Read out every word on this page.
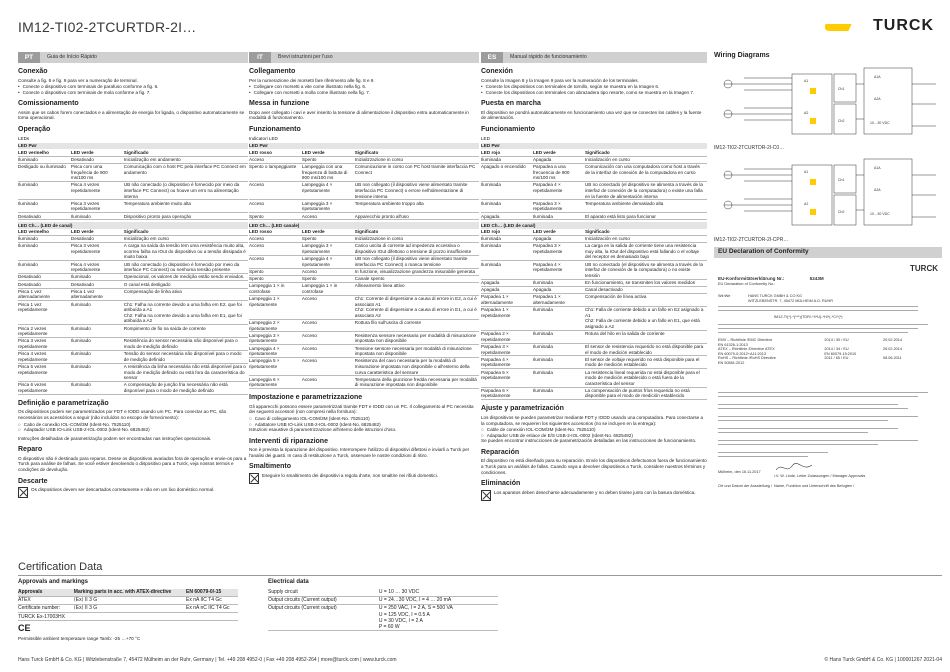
IM12-TI02-2TCURTDR-2I…	TURCK
PT	Guia de Início Rápido
Conexão

Consulte a fig. 8 e fig. 9 para ver a numeração de terminal.

• Conecte o dispositivo com terminais de parafuso conforme a fig. 6.
• Conecte o dispositivo com terminais de mola conforme a fig. 7.
Comissionamento

Assim que os cabos forem conectados e a alimentação de energia for ligada, o dispositivo automaticamente se torna operacional.

Operação

LEDs

LED Pwr		
LED vermelho	LED verde	Significado
Iluminado	Desativado	Inicialização em andamento
Desligado ou iluminado	Pisca com uma frequência de 900 ms/100 ms	Comunicação com o host PC pela interface PC Connect em andamento
Iluminado	Pisca 4 vezes repetidamente	UB não conectado (o dispositivo é fornecido por meio da interface PC Connect) ou houve um erro na alimentação interna
Iluminado	Pisca 3 vezes repetidamente	Temperatura ambiente muito alta
Desativado	Iluminado	Dispositivo pronto para operação
LED Ch… (LED de canal)		
LED vermelho	LED verde	Significado
Iluminado	Desativado	Inicialização em curso
Iluminado	Pisca 3 vezes repetidamente	A carga na saída da tensão tem uma resistência muito alta, ocorreu falha na IOut do dispositivo ou a tensão dissipada é muito baixa
Iluminado	Pisca 4 vezes repetidamente	UB não conectado (o dispositivo é fornecido por meio da interface PC Connect) ou nenhuma tensão presente
Desativado	Iluminado	Operacional, os valores de medição estão sendo enviados.
Desativado	Desativado	O canal está desligado
Pisca 1 vez alternadamente	Pisca 1 vez alternadamente	Compensação de linha ativa
Pisca 1 vez repetidamente	Iluminado	Ch1: Falha na corrente devido a uma falha em E2, que foi atribuída a A1
Ch2: Falha na corrente devido a uma falha em E1, que foi atribuída a A2
Pisca 2 vezes repetidamente	Iluminado	Rompimento de fio na saída de corrente
Pisca 3 vezes repetidamente	Iluminado	Resistência do sensor necessária não disponível para o modo de medição definido
Pisca 4 vezes repetidamente	Iluminado	Tensão do sensor necessária não disponível para o modo de medição definido
Pisca 5 vezes repetidamente	Iluminado	A resistência da linha necessária não está disponível para o modo de medição definido ou está fora da característica do sensor
Pisca 6 vezes repetidamente	Iluminado	A compensação de junção fria necessária não está disponível para o modo de medição definido
Definição e parametrização

Os dispositivos podem ser parametrizados por FDT e IODD usando um PC. Para conectar ao PC, são necessários os acessórios a seguir (não incluídos no escopo de fornecimento):

○ Cabo de conexão IOL-COM/3M (Ident-No. 7525110)
○ Adaptador USB IO-Link USB-2-IOL-0002 (Ident-No. 6825482)

Instruções detalhadas de parametrização podem ser encontradas nas instruções operacionais.

Reparo

O dispositivo não é destinado para reparos. Desse os dispositivos avariados fora de operação e envie-os para a Turck para análise de falhas. Se você estiver devolvendo o dispositivo para a Turck, veja nossos termos e condições de devolução.

Descarte

Os dispositivos devem ser descartados corretamente e não em um lixo doméstico normal.

IT	Brevi istruzioni per l'uso
Collegamento

Per la numerazione dei morsetti fare riferimento alle fig. 8 e 9.

• Collegare con morsetti a vite come illustrato nella fig. 6.
• Collegare con morsetti a molla come illustrato nella fig. 7.
Messa in funzione

Dopo aver collegato i cavi e aver inserito la tensione di alimentazione il dispositivo entra automaticamente in modalità di funzionamento.

Funzionamento

Indicatori LED

LED Pwr		
LED rosso	LED verde	Significato
Acceso	Spento	Inizializzazione in corso
Spento o lampeggiante	Lampeggia con una frequenza di battuta di 900 ms/100 ms	Comunicazione in corso con PC host tramite interfaccia PC Connect
Acceso	Lampeggia 4 × ripetutamente	UB non collegato (il dispositivo viene alimentato tramite interfaccia PC Connect) o errore nell'alimentazione di tensione interna
Acceso	Lampeggia 3 × ripetutamente	Temperatura ambiente troppo alta
Spento	Acceso	Apparecchio pronto all'uso
LED Ch… (LED canale)		
LED rosso	LED verde	Significato
Acceso	Spento	Inizializzazione in corso
Acceso	Lampeggia 3 × ripetutamente	Carico uscita di corrente ad impedenza eccessiva o dispositivo IOut difettoso o tensione di pozzo insufficiente
Acceso	Lampeggia 4 × ripetutamente	UB non collegato (il dispositivo viene alimentato tramite interfaccia PC Connect) o manca tensione
Spento	Acceso	In funzione, visualizzazione grandezza misurabile generata
Spento	Spento	Canale spento
Lampeggia 1 × in controfase	Lampeggia 1 × in controfase	Allineamento linea attivo
Lampeggia 1 × ripetutamente	Acceso	Ch1: Corrente di dispersione a causa di errore in E2, a cui è associato A1
Ch2: Corrente di dispersione a causa di errore in E1, a cui è associato A2
Lampeggia 2 × ripetutamente	Acceso	Rottura filo sull'uscita di corrente
Lampeggia 3 × ripetutamente	Acceso	Resistenza sensore necessaria per modalità di misurazione impostata non disponibile
Lampeggia 4 × ripetutamente	Acceso	Tensione sensore necessaria per modalità di misurazione impostata non disponibile
Lampeggia 5 × ripetutamente	Acceso	Resistenza del cavo necessaria per la modalità di misurazione impostata non disponibile o all'esterno della curva caratteristica del sensore
Lampeggia 6 × ripetutamente	Acceso	Temperatura della giunzione fredda necessaria per modalità di misurazione impostata non disponibile
Impostazione e parametrizzazione

Gli apparecchi possono essere parametrizzati tramite FDT e IODD con un PC. Il collegamento al PC necessita dei seguenti accessori (non compresi nella fornitura):

○ Cavo di collegamento IOL-COM/3M (Ident-No. 7525110)
○ Adattatore USB IO-Link USB-2-IOL-0002 (Ident-No. 6825482)

Istruzioni esaustive di parametrizzazione all'interno delle istruzioni d'uso.

Interventi di riparazione

Non è prevista la riparazione del dispositivo. Interrompere l'utilizzo di dispositivi difettosi e inviarli a Turck per l'analisi dei guasti. In caso di restituzione a Turck, osservare le nostre condizioni di ritiro.

Smaltimento

Eseguire lo smaltimento dei dispositivi a regola d'arte, non smaltire nei rifiuti domestici.

ES	Manual rápido de funcionamiento
Conexión

Consulte la Imagen 8 y la Imagen 9 para ver la numeración de los terminales.

• Conecte los dispositivos con terminales de tornillo, según se muestra en la Imagen 6.
• Conecte los dispositivos con terminales con abrazadera tipo resorte, como se muestra en la Imagen 7.
Puesta en marcha

El dispositivo se pondrá automáticamente en funcionamiento una vez que se conecten los cables y la fuente de alimentación.

Funcionamiento

LED

LED Pwr		
LED rojo	LED verde	Significado
Iluminada	Apagada	Inicialización en curso
Apagado o encendido	Parpadea a una frecuencia de 900 ms/100 ms	Comunicación con una computadora como host a través de la interfaz de conexión de la computadora en curso
Iluminada	Parpadea 4 × repetidamente	UB no conectado (el dispositivo se alimenta a través de la interfaz de conexión de la computadora) o existe una falla en la fuente de alimentación interna
Iluminada	Parpadea 3 × repetidamente	Temperatura ambiente demasiado alta
Apagada	Iluminada	El aparato está listo para funcionar
LED Ch… (LED de canal)		
LED rojo	LED verde	Significado
Iluminada	Apagada	Inicialización en curso
Iluminada	Parpadea 3 × repetidamente	La carga en la salida de corriente tiene una resistencia muy alta, la IOut del dispositivo está fallando o el voltaje del receptor es demasiado bajo
Iluminada	Parpadea 4 × repetidamente	UB no conectado (el dispositivo se alimenta a través de la interfaz de conexión de la computadora) o no existe tensión
Apagada	Iluminada	En funcionamiento, se transmiten los valores medidos
Apagada	Apagada	Canal desactivado
Parpadea 1 × alternadamente	Parpadea 1 × alternadamente	Compensación de línea activa
Parpadea 1 × repetidamente	Iluminada	Ch1: Falla de corriente debido a un fallo en E2 asignado a A1
Ch2: Falla de corriente debido a un fallo en E1, que está asignado a A2
Parpadea 2 × repetidamente	Iluminada	Rotura del hilo en la salida de corriente
Parpadea 3 × repetidamente	Iluminada	El sensor de resistencia requerido no está disponible para el modo de medición establecido
Parpadea 4 × repetidamente	Iluminada	El sensor de voltaje requerido no está disponible para el modo de medición establecido
Parpadea 5 × repetidamente	Iluminada	La resistencia lineal requerida no está disponible para el modo de medición establecido o está fuera de la característica del sensor
Parpadea 6 × repetidamente	Iluminada	La compensación de puntos fríos requerida no está disponible para el modo de medición establecido
Ajuste y parametrización

Los dispositivos se pueden parametrizar mediante FDT y IODD usando una computadora. Para conectarse a la computadora, se requieren los siguientes accesorios (no se incluyen en la entrega):

○ Cable de conexión IOL-COM/3M (Ident-No. 7525110)
○ Adaptador USB de enlace de E/S USB-2-IOL-0002 (Ident-No. 6825482)

Se pueden encontrar instrucciones de parametrización detalladas en las instrucciones de funcionamiento.

Reparación

El dispositivo no está diseñado para su reparación. Envíe los dispositivos defectuosos fuera de funcionamiento a Turck para un análisis de fallas. Cuando vaya a devolver dispositivos a Turck, considere nuestros términos y condiciones.

Eliminación

Los aparatos deben desecharse adecuadamente y no deben tirarse junto con la basura doméstica.

Wiring Diagrams
A1
A2
Ch1
Ch2
A1A
A2A
10…30 VDC
IM12-TI02-2TCURTDR-2I-C0…
A1
A2
Ch1
Ch2
A1A
A2A
10…30 VDC
IM12-TI02-2TCURTDR-2I-CPR…
EU Declaration of Conformity
TURCK
EU-Konformitätserklärung Nr.:	5243M
EU Declaration of Conformity No.:
Wir/We	HANS TURCK GMBH & CO KG
WITZLEBENSTR. 7, 45472 MÜLHEIM A.D. RUHR
IM12-TI(*)-*(***)(TDR/-*I/*U)-*H/*(-*C/*(*)
EMV – Richtlinie /EMC Directive	2014 / 30 / EU	20.02.2014
EN 61326-1:2013		
ATEX – Richtlinie /Directive ATEX	2014 / 34 / EU	26.02.2014
EN 60079-0:2012+A11:2013	EN 60079-15:2010	
RoHS – Richtlinie /RoHS Directive	2011 / 65 / EU	08.06.2011
EN 50581:2012		
Mülheim, den 16.11.2017
i.V. W. Linde, Leiter Zulassungen / Manager Approvals
Ort und Datum der Ausstellung / Name, Funktion und Unterschrift des Befugten /
Certification Data
Approvals and markings
Approvals	Marking parts in acc. with ATEX-directive	EN 60079-0/-15
ATEX	⟨Ex⟩ II 3 G	Ex nA IIC T4 Gc
Certificate number:	⟨Ex⟩ II 3 G	Ex nA nC IIC T4 Gc
TURCK Ex-17003HX		
CE
Permissible ambient temperature range Tamb: -25 …+70 °C
Electrical data
Supply circuit	U = 10 … 30 VDC
Output circuits (Current output)	U = 24…30 VDC, I = 4 … 20 mA
Output circuits (Current output)	U = 250 VAC, I = 2 A, S = 500 VA
U = 125 VDC, I = 0.5 A
U = 30 VDC, I = 2 A
P = 60 W
Hans Turck GmbH & Co. KG | Witzlebenstraße 7, 45472 Mülheim an der Ruhr, Germany | Tel. +49 208 4952-0 | Fax +49 208 4952-264 | more@turck.com | www.turck.com	© Hans Turck GmbH & Co. KG | 100001267 2021-04
